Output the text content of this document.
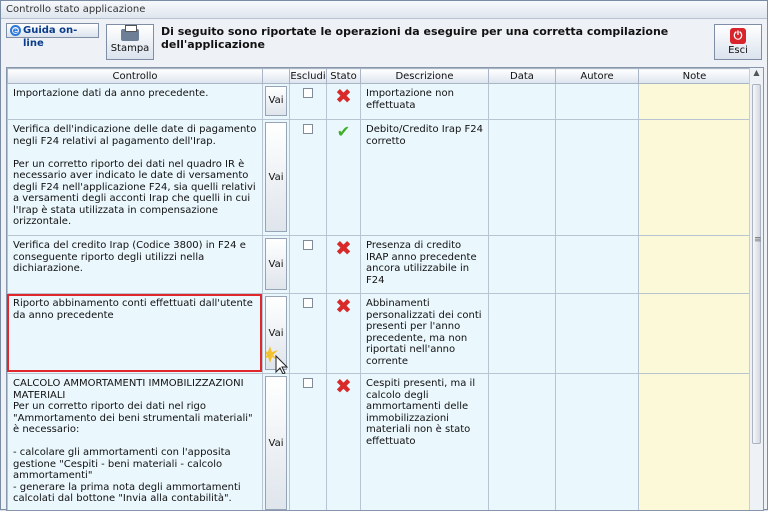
Controllo stato applicazione
e Guida on-line	Stampa
Di seguito sono riportate le operazioni da eseguire per una corretta compilazione dell'applicazione
⏻
Esci
Controllo		Escludi	Stato	Descrizione	Data	Autore	Note
Importazione dati da anno precedente.	Vai		✖	Importazione non effettuata			
Verifica dell'indicazione delle date di pagamento negli F24 relativi al pagamento dell'Irap.

Per un corretto riporto dei dati nel quadro IR è necessario aver indicato le date di versamento degli F24 nell'applicazione F24, sia quelli relativi a versamenti degli acconti Irap che quelli in cui l'Irap è stata utilizzata in compensazione orizzontale.	Vai		✔	Debito/Credito Irap F24 corretto			
Verifica del credito Irap (Codice 3800) in F24 e conseguente riporto degli utilizzi nella dichiarazione.	Vai		✖	Presenza di credito IRAP anno precedente ancora utilizzabile in F24			
Riporto abbinamento conti effettuati dall'utente da anno precedente	Vai		✖	Abbinamenti personalizzati dei conti presenti per l'anno precedente, ma non riportati nell'anno corrente			
CALCOLO AMMORTAMENTI IMMOBILIZZAZIONI MATERIALI
Per un corretto riporto dei dati nel rigo "Ammortamento dei beni strumentali materiali" è necessario:

- calcolare gli ammortamenti con l'apposita gestione "Cespiti - beni materiali - calcolo ammortamenti"
- generare la prima nota degli ammortamenti calcolati dal bottone "Invia alla contabilità".	Vai		✖	Cespiti presenti, ma il calcolo degli ammortamenti delle immobilizzazioni materiali non è stato effettuato			
▲
≡
